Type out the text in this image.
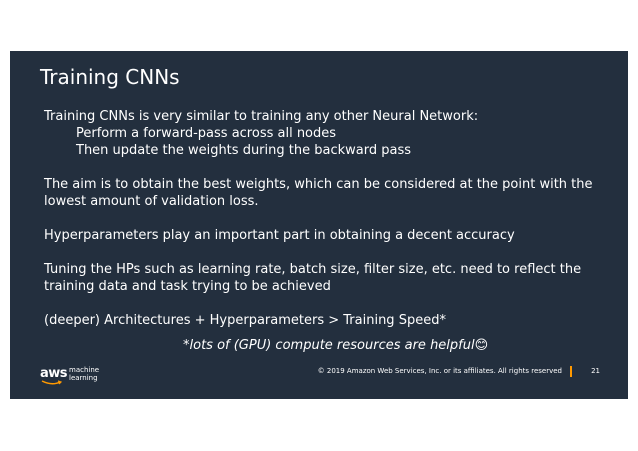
Training CNNs

Training CNNs is very similar to training any other Neural Network:

Perform a forward-pass across all nodes

Then update the weights during the backward pass

The aim is to obtain the best weights, which can be considered at the point with the

lowest amount of validation loss.

Hyperparameters play an important part in obtaining a decent accuracy

Tuning the HPs such as learning rate, batch size, filter size, etc. need to reflect the

training data and task trying to be achieved

(deeper) Architectures + Hyperparameters > Training Speed*

*lots of (GPU) compute resources are helpful😊
aws machine
learning
© 2019 Amazon Web Services, Inc. or its affiliates. All rights reserved	21
